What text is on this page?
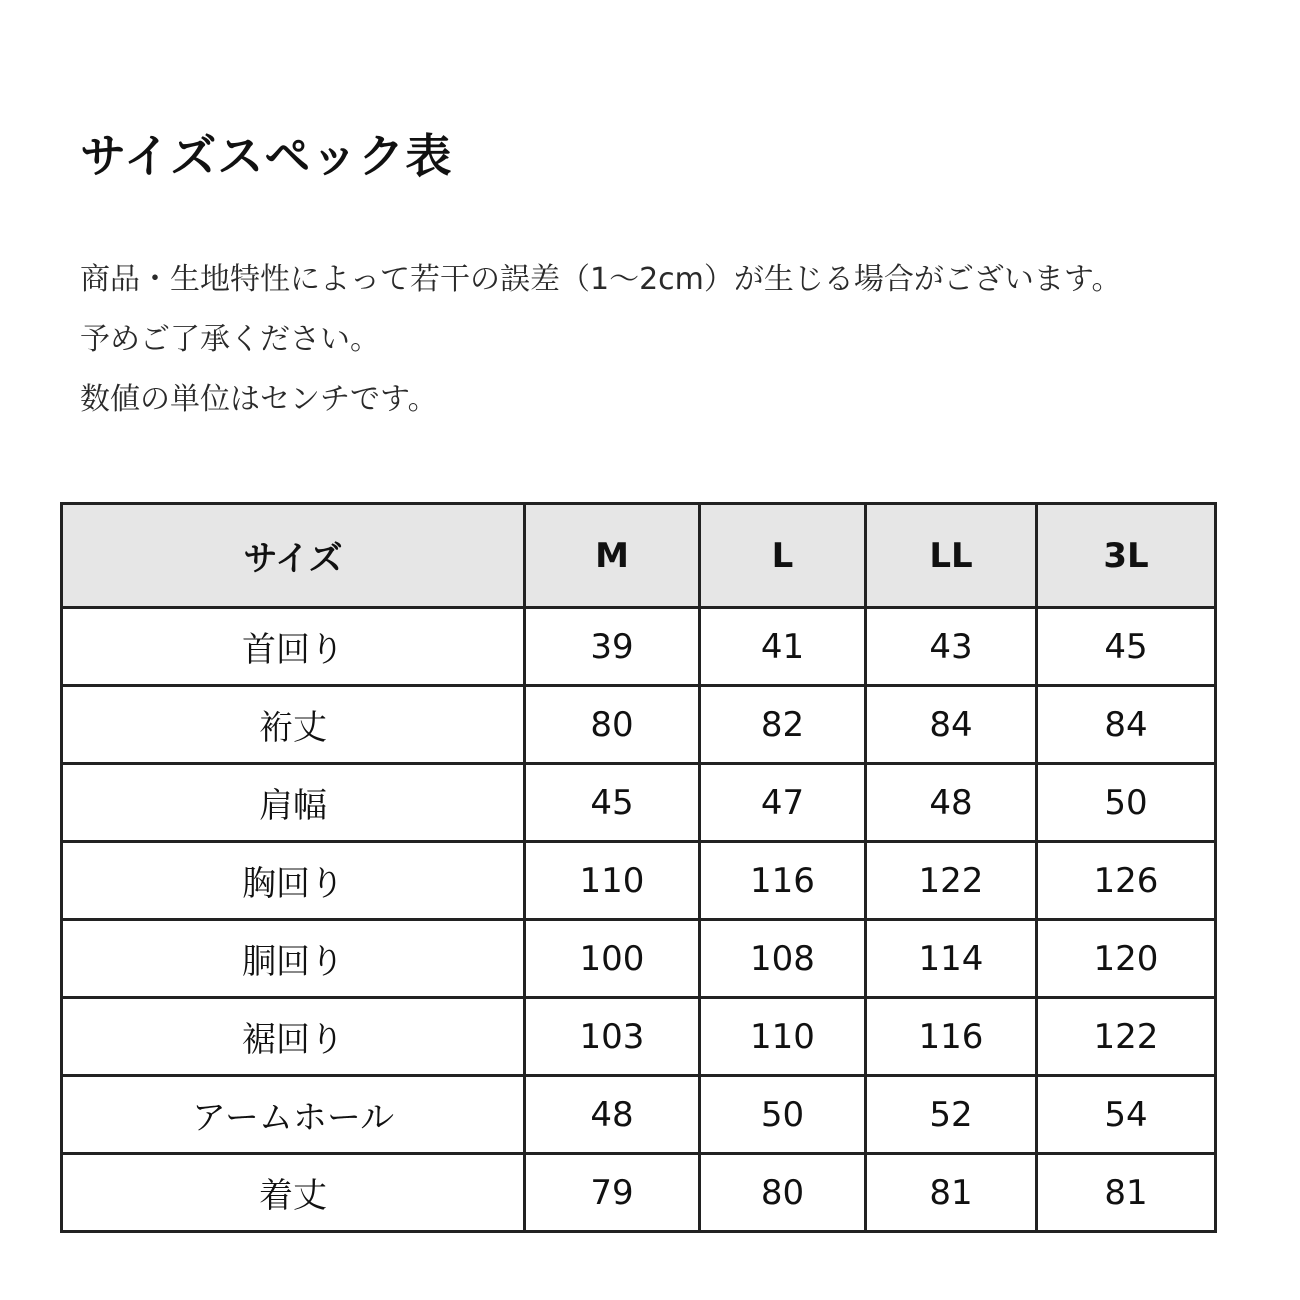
サイズスペック表
商品・生地特性によって若干の誤差（1〜2cm）が生じる場合がございます。
予めご了承ください。
数値の単位はセンチです。
サイズ	M	L	LL	3L
首回り	39	41	43	45
裄丈	80	82	84	84
肩幅	45	47	48	50
胸回り	110	116	122	126
胴回り	100	108	114	120
裾回り	103	110	116	122
アームホール	48	50	52	54
着丈	79	80	81	81
